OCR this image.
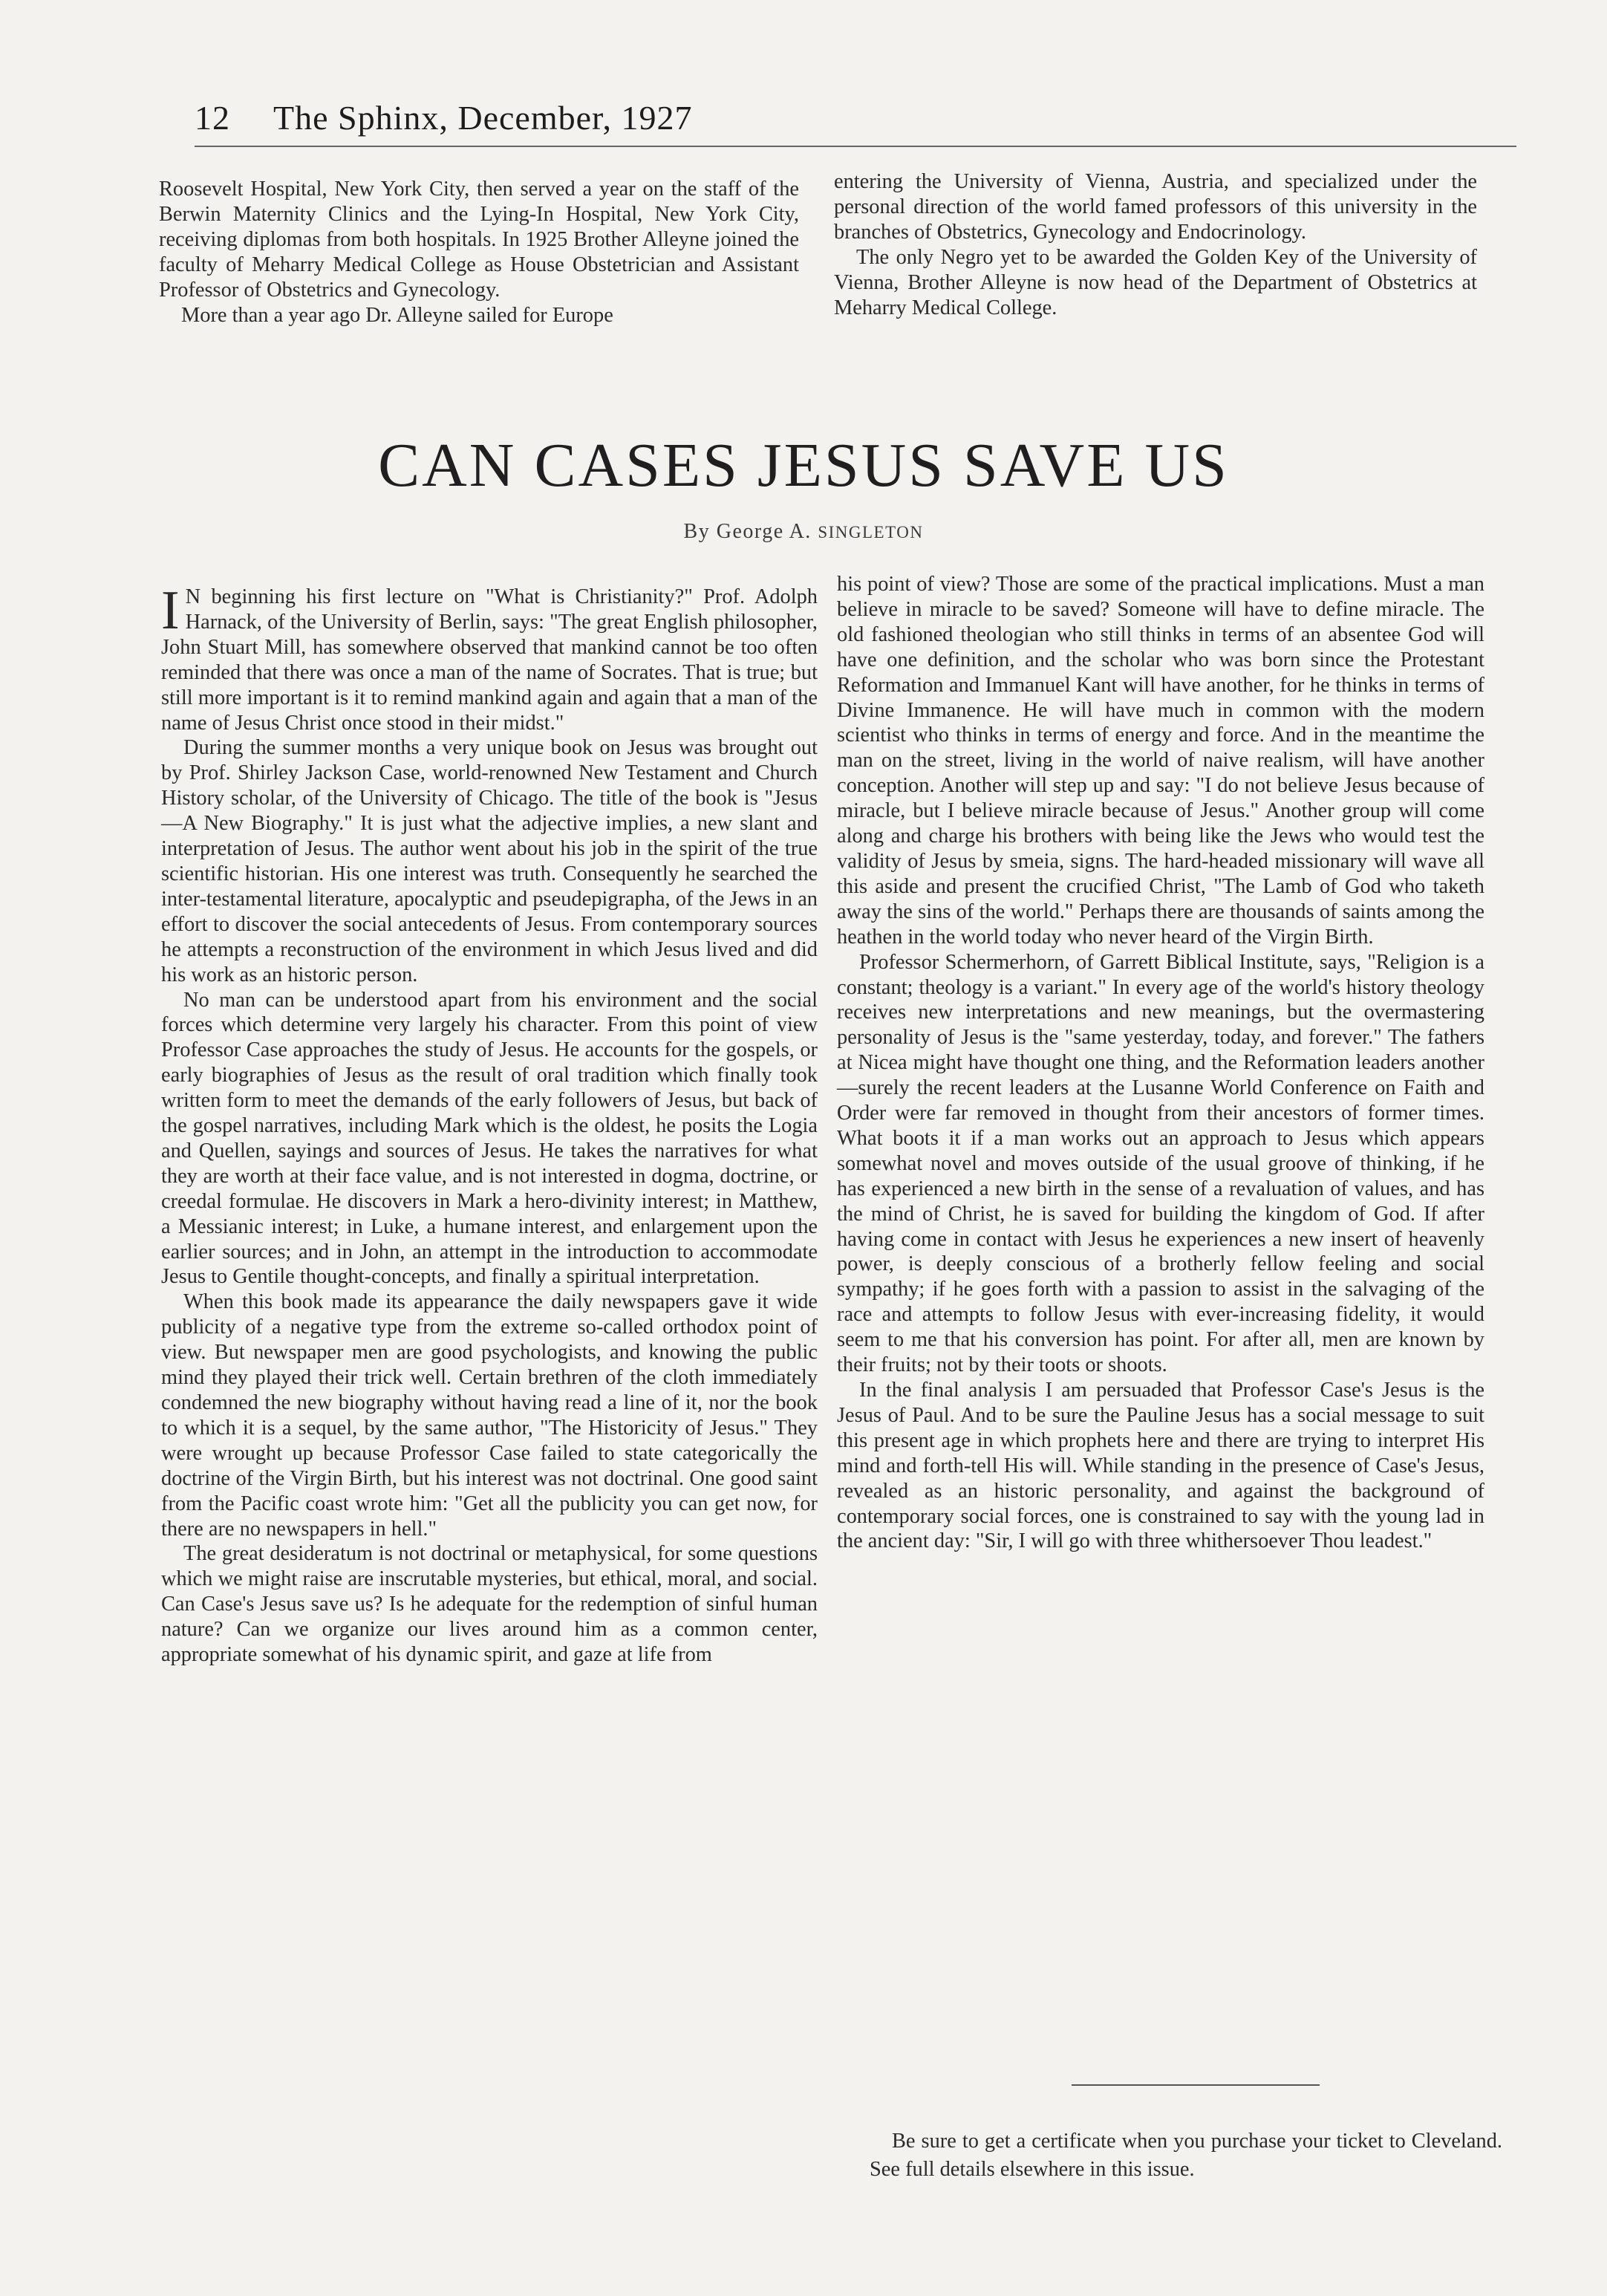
12 The Sphinx, December, 1927

Roosevelt Hospital, New York City, then served a year on the staff of the Berwin Maternity Clinics and the Lying-In Hospital, New York City, receiving diplomas from both hospitals. In 1925 Brother Alleyne joined the faculty of Meharry Medical College as House Obstetrician and Assistant Professor of Obstetrics and Gynecology.

More than a year ago Dr. Alleyne sailed for Europe

entering the University of Vienna, Austria, and specialized under the personal direction of the world famed professors of this university in the branches of Obstetrics, Gynecology and Endocrinology.

The only Negro yet to be awarded the Golden Key of the University of Vienna, Brother Alleyne is now head of the Department of Obstetrics at Meharry Medical College.

CAN CASES JESUS SAVE US
By George A. SINGLETON

I N beginning his first lecture on "What is Christianity?" Prof. Adolph Harnack, of the University of Berlin, says: "The great English philosopher, John Stuart Mill, has somewhere observed that mankind cannot be too often reminded that there was once a man of the name of Socrates. That is true; but still more important is it to remind mankind again and again that a man of the name of Jesus Christ once stood in their midst."

During the summer months a very unique book on Jesus was brought out by Prof. Shirley Jackson Case, world-renowned New Testament and Church History scholar, of the University of Chicago. The title of the book is "Jesus—A New Biography." It is just what the adjective implies, a new slant and interpretation of Jesus. The author went about his job in the spirit of the true scientific historian. His one interest was truth. Consequently he searched the inter-testamental literature, apocalyptic and pseudepigrapha, of the Jews in an effort to discover the social antecedents of Jesus. From contemporary sources he attempts a reconstruction of the environment in which Jesus lived and did his work as an historic person.

No man can be understood apart from his environment and the social forces which determine very largely his character. From this point of view Professor Case approaches the study of Jesus. He accounts for the gospels, or early biographies of Jesus as the result of oral tradition which finally took written form to meet the demands of the early followers of Jesus, but back of the gospel narratives, including Mark which is the oldest, he posits the Logia and Quellen, sayings and sources of Jesus. He takes the narratives for what they are worth at their face value, and is not interested in dogma, doctrine, or creedal formulae. He discovers in Mark a hero-divinity interest; in Matthew, a Messianic interest; in Luke, a humane interest, and enlargement upon the earlier sources; and in John, an attempt in the introduction to accommodate Jesus to Gentile thought-concepts, and finally a spiritual interpretation.

When this book made its appearance the daily newspapers gave it wide publicity of a negative type from the extreme so-called orthodox point of view. But newspaper men are good psychologists, and knowing the public mind they played their trick well. Certain brethren of the cloth immediately condemned the new biography without having read a line of it, nor the book to which it is a sequel, by the same author, "The Historicity of Jesus." They were wrought up because Professor Case failed to state categorically the doctrine of the Virgin Birth, but his interest was not doctrinal. One good saint from the Pacific coast wrote him: "Get all the publicity you can get now, for there are no newspapers in hell."

The great desideratum is not doctrinal or metaphysical, for some questions which we might raise are inscrutable mysteries, but ethical, moral, and social. Can Case's Jesus save us? Is he adequate for the redemption of sinful human nature? Can we organize our lives around him as a common center, appropriate somewhat of his dynamic spirit, and gaze at life from

his point of view? Those are some of the practical implications. Must a man believe in miracle to be saved? Someone will have to define miracle. The old fashioned theologian who still thinks in terms of an absentee God will have one definition, and the scholar who was born since the Protestant Reformation and Immanuel Kant will have another, for he thinks in terms of Divine Immanence. He will have much in common with the modern scientist who thinks in terms of energy and force. And in the meantime the man on the street, living in the world of naive realism, will have another conception. Another will step up and say: "I do not believe Jesus because of miracle, but I believe miracle because of Jesus." Another group will come along and charge his brothers with being like the Jews who would test the validity of Jesus by smeia, signs. The hard-headed missionary will wave all this aside and present the crucified Christ, "The Lamb of God who taketh away the sins of the world." Perhaps there are thousands of saints among the heathen in the world today who never heard of the Virgin Birth.

Professor Schermerhorn, of Garrett Biblical Institute, says, "Religion is a constant; theology is a variant." In every age of the world's history theology receives new interpretations and new meanings, but the overmastering personality of Jesus is the "same yesterday, today, and forever." The fathers at Nicea might have thought one thing, and the Reformation leaders another—surely the recent leaders at the Lusanne World Conference on Faith and Order were far removed in thought from their ancestors of former times. What boots it if a man works out an approach to Jesus which appears somewhat novel and moves outside of the usual groove of thinking, if he has experienced a new birth in the sense of a revaluation of values, and has the mind of Christ, he is saved for building the kingdom of God. If after having come in contact with Jesus he experiences a new insert of heavenly power, is deeply conscious of a brotherly fellow feeling and social sympathy; if he goes forth with a passion to assist in the salvaging of the race and attempts to follow Jesus with ever-increasing fidelity, it would seem to me that his conversion has point. For after all, men are known by their fruits; not by their toots or shoots.

In the final analysis I am persuaded that Professor Case's Jesus is the Jesus of Paul. And to be sure the Pauline Jesus has a social message to suit this present age in which prophets here and there are trying to interpret His mind and forth-tell His will. While standing in the presence of Case's Jesus, revealed as an historic personality, and against the background of contemporary social forces, one is constrained to say with the young lad in the ancient day: "Sir, I will go with three whithersoever Thou leadest."

Be sure to get a certificate when you purchase your ticket to Cleveland. See full details elsewhere in this issue.
